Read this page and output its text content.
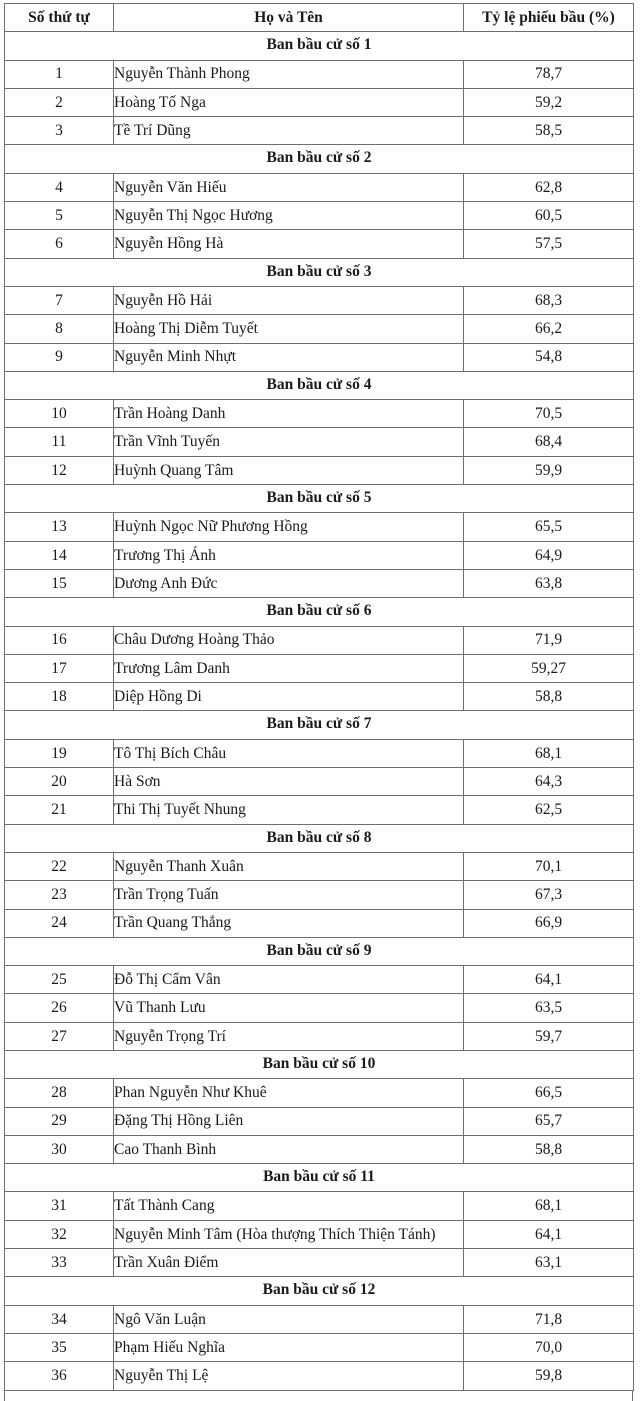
Số thứ tự	Họ và Tên	Tỷ lệ phiếu bầu (%)
Ban bầu cử số 1		
1	Nguyễn Thành Phong	78,7
2	Hoàng Tố Nga	59,2
3	Tề Trí Dũng	58,5
Ban bầu cử số 2		
4	Nguyễn Văn Hiếu	62,8
5	Nguyễn Thị Ngọc Hương	60,5
6	Nguyễn Hồng Hà	57,5
Ban bầu cử số 3		
7	Nguyễn Hồ Hải	68,3
8	Hoàng Thị Diễm Tuyết	66,2
9	Nguyễn Minh Nhựt	54,8
Ban bầu cử số 4		
10	Trần Hoàng Danh	70,5
11	Trần Vĩnh Tuyến	68,4
12	Huỳnh Quang Tâm	59,9
Ban bầu cử số 5		
13	Huỳnh Ngọc Nữ Phương Hồng	65,5
14	Trương Thị Ánh	64,9
15	Dương Anh Đức	63,8
Ban bầu cử số 6		
16	Châu Dương Hoàng Thảo	71,9
17	Trương Lâm Danh	59,27
18	Diệp Hồng Di	58,8
Ban bầu cử số 7		
19	Tô Thị Bích Châu	68,1
20	Hà Sơn	64,3
21	Thi Thị Tuyết Nhung	62,5
Ban bầu cử số 8		
22	Nguyễn Thanh Xuân	70,1
23	Trần Trọng Tuấn	67,3
24	Trần Quang Thắng	66,9
Ban bầu cử số 9		
25	Đỗ Thị Cẩm Vân	64,1
26	Vũ Thanh Lưu	63,5
27	Nguyễn Trọng Trí	59,7
Ban bầu cử số 10		
28	Phan Nguyễn Như Khuê	66,5
29	Đặng Thị Hồng Liên	65,7
30	Cao Thanh Bình	58,8
Ban bầu cử số 11		
31	Tất Thành Cang	68,1
32	Nguyễn Minh Tâm (Hòa thượng Thích Thiện Tánh)	64,1
33	Trần Xuân Điểm	63,1
Ban bầu cử số 12		
34	Ngô Văn Luận	71,8
35	Phạm Hiếu Nghĩa	70,0
36	Nguyễn Thị Lệ	59,8
